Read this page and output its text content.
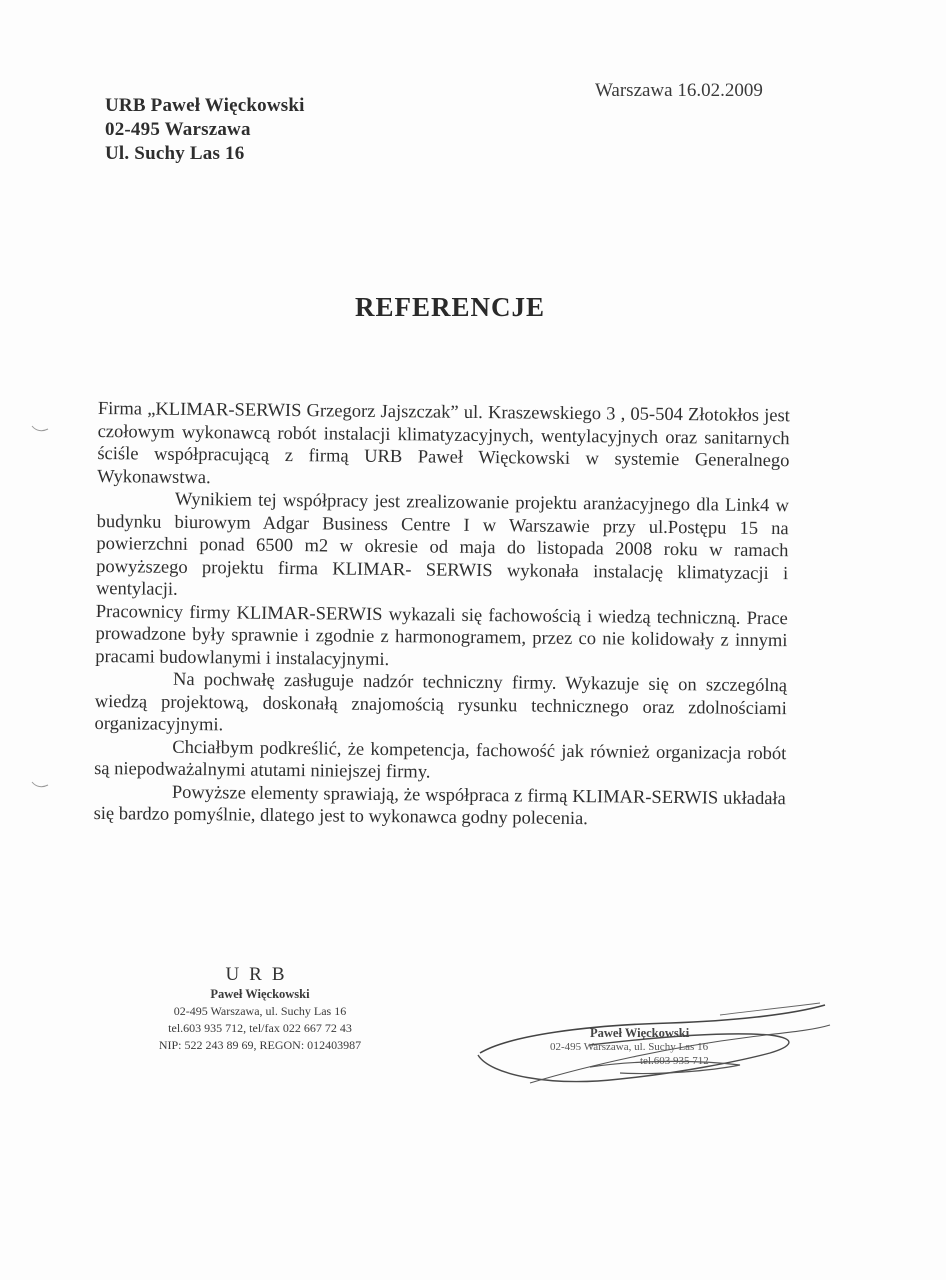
Warszawa 16.02.2009
URB Paweł Więckowski
02-495 Warszawa
Ul. Suchy Las 16
REFERENCJE

Firma „KLIMAR-SERWIS Grzegorz Jajszczak” ul. Kraszewskiego 3 , 05-504 Złotokłos jest czołowym wykonawcą robót instalacji klimatyzacyjnych, wentylacyjnych oraz sanitarnych ściśle współpracującą z firmą URB Paweł Więckowski w systemie Generalnego Wykonawstwa.

Wynikiem tej współpracy jest zrealizowanie projektu aranżacyjnego dla Link4 w budynku biurowym Adgar Business Centre I w Warszawie przy ul.Postępu 15 na powierzchni ponad 6500 m2 w okresie od maja do listopada 2008 roku w ramach powyższego projektu firma KLIMAR- SERWIS wykonała instalację klimatyzacji i wentylacji.

Pracownicy firmy KLIMAR-SERWIS wykazali się fachowością i wiedzą techniczną. Prace prowadzone były sprawnie i zgodnie z harmonogramem, przez co nie kolidowały z innymi pracami budowlanymi i instalacyjnymi.

Na pochwałę zasługuje nadzór techniczny firmy. Wykazuje się on szczególną wiedzą projektową, doskonałą znajomością rysunku technicznego oraz zdolnościami organizacyjnymi.

Chciałbym podkreślić, że kompetencja, fachowość jak również organizacja robót są niepodważalnymi atutami niniejszej firmy.

Powyższe elementy sprawiają, że współpraca z firmą KLIMAR-SERWIS układała się bardzo pomyślnie, dlatego jest to wykonawca godny polecenia.

URB
Paweł Więckowski
02-495 Warszawa, ul. Suchy Las 16
tel.603 935 712, tel/fax 022 667 72 43
NIP: 522 243 89 69, REGON: 012403987
Paweł Więckowski
02-495 Warszawa, ul. Suchy Las 16
tel.603 935 712
